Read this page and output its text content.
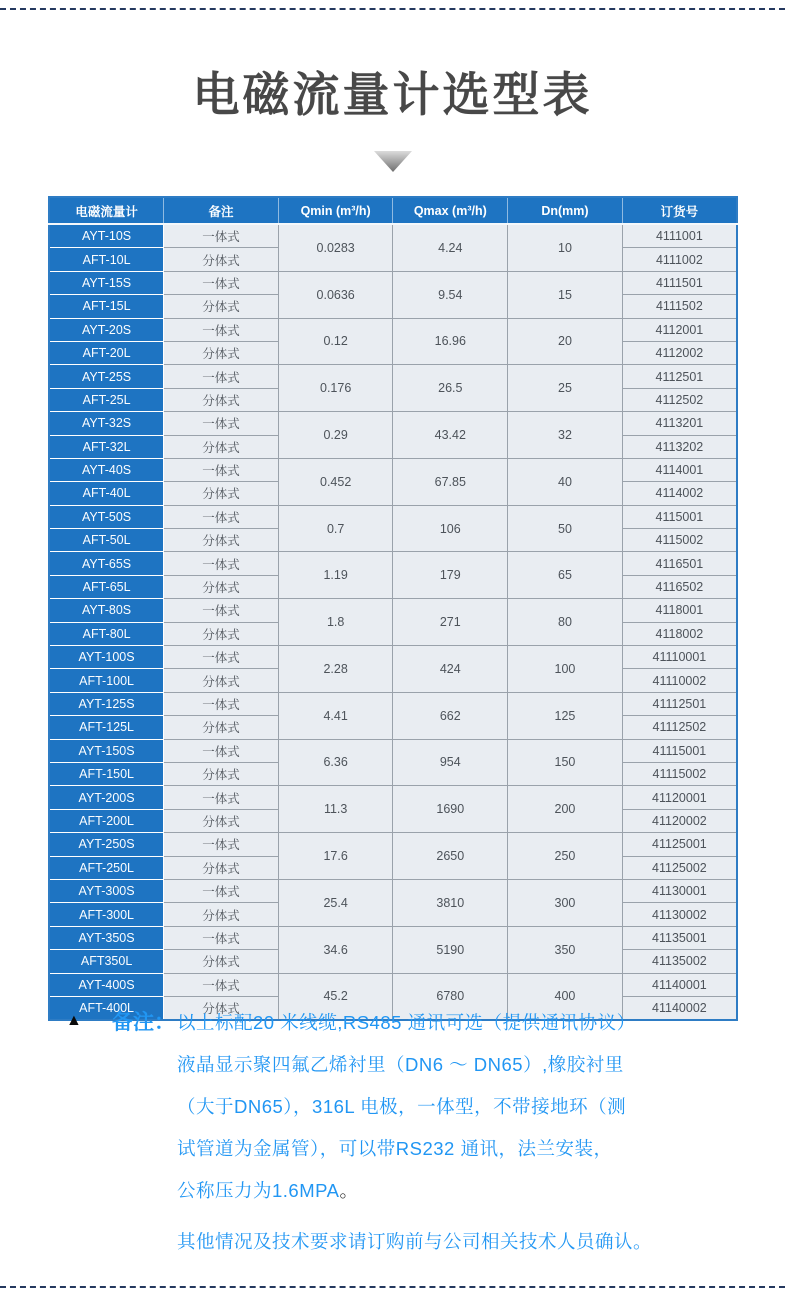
电磁流量计选型表
电磁流量计	备注	Qmin (m³/h)	Qmax (m³/h)	Dn(mm)	订货号
AYT-10S	一体式	0.0283	4.24	10	4111001
AFT-10L	分体式				4111002
AYT-15S	一体式	0.0636	9.54	15	4111501
AFT-15L	分体式				4111502
AYT-20S	一体式	0.12	16.96	20	4112001
AFT-20L	分体式				4112002
AYT-25S	一体式	0.176	26.5	25	4112501
AFT-25L	分体式				4112502
AYT-32S	一体式	0.29	43.42	32	4113201
AFT-32L	分体式				4113202
AYT-40S	一体式	0.452	67.85	40	4114001
AFT-40L	分体式				4114002
AYT-50S	一体式	0.7	106	50	4115001
AFT-50L	分体式				4115002
AYT-65S	一体式	1.19	179	65	4116501
AFT-65L	分体式				4116502
AYT-80S	一体式	1.8	271	80	4118001
AFT-80L	分体式				4118002
AYT-100S	一体式	2.28	424	100	41110001
AFT-100L	分体式				41110002
AYT-125S	一体式	4.41	662	125	41112501
AFT-125L	分体式				41112502
AYT-150S	一体式	6.36	954	150	41115001
AFT-150L	分体式				41115002
AYT-200S	一体式	11.3	1690	200	41120001
AFT-200L	分体式				41120002
AYT-250S	一体式	17.6	2650	250	41125001
AFT-250L	分体式				41125002
AYT-300S	一体式	25.4	3810	300	41130001
AFT-300L	分体式				41130002
AYT-350S	一体式	34.6	5190	350	41135001
AFT350L	分体式				41135002
AYT-400S	一体式	45.2	6780	400	41140001
AFT-400L	分体式				41140002
▲ 备注： 以上标配20 米线缆,RS485 通讯可选（提供通讯协议）
液晶显示聚四氟乙烯衬里（DN6 ～ DN65）,橡胶衬里
（大于DN65），316L 电极，一体型，不带接地环（测
试管道为金属管），可以带RS232 通讯，法兰安装，
公称压力为1.6MPA。
其他情况及技术要求请订购前与公司相关技术人员确认。
